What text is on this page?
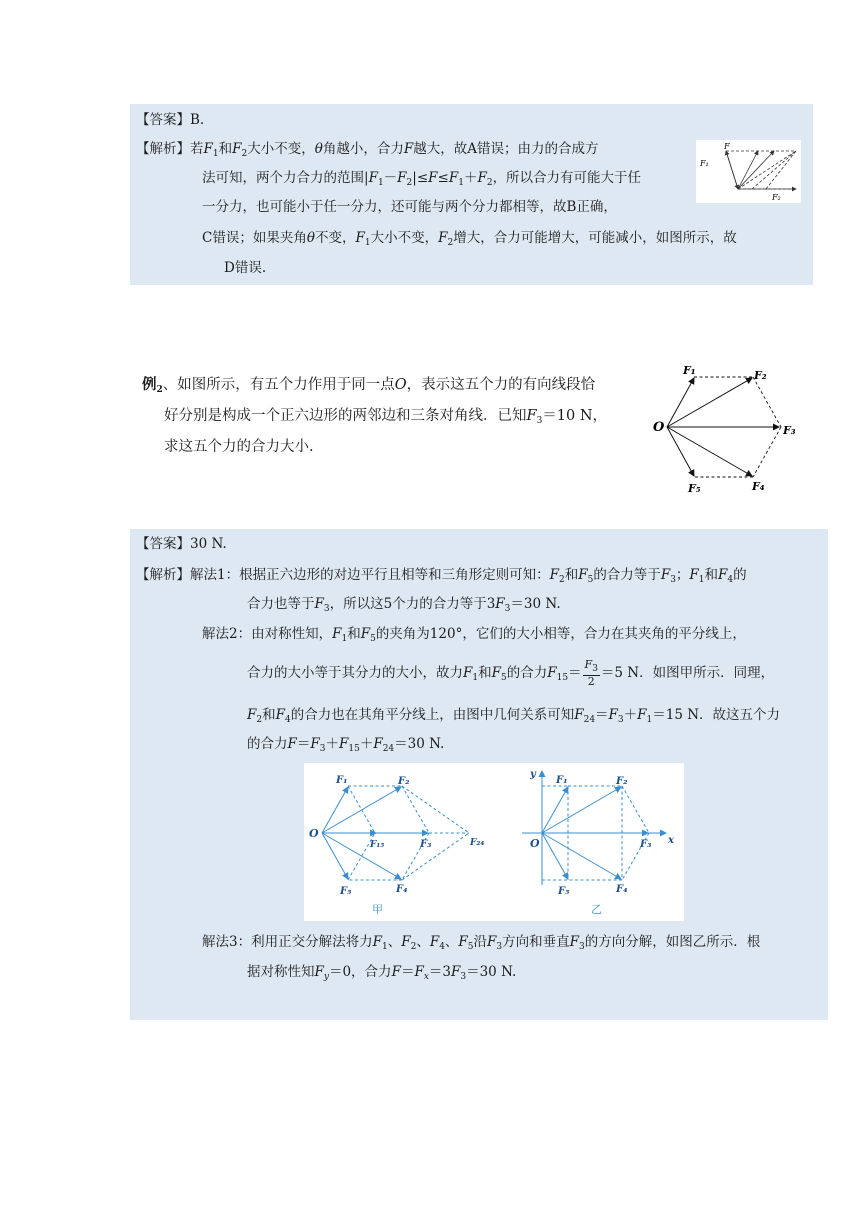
【答案】B.
【解析】若$F_1$和$F_2$大小不变，θ角越小，合力F越大，故A错误；由力的合成方
法可知，两个力合力的范围$|F_1-F_2|\le F\le F_1+F_2$，所以合力有可能大于任
一分力，也可能小于任一分力，还可能与两个分力都相等，故B正确，
C错误；如果夹角θ不变，$F_1$大小不变，$F_2$增大，合力可能增大，可能减小，如图所示，故
D错误.
F
F₁
F₂
例$_2$、如图所示，有五个力作用于同一点O，表示这五个力的有向线段恰
好分别是构成一个正六边形的两邻边和三条对角线．已知$F_3=10$ N，
求这五个力的合力大小.
O
F₁	F₂
F₃
F₄
F₅
【答案】30 N.
【解析】解法1：根据正六边形的对边平行且相等和三角形定则可知：$F_2$和$F_5$的合力等于$F_3$；$F_1$和$F_4$的
合力也等于$F_3$，所以这5个力的合力等于$3F_3=30$ N.
解法2：由对称性知，$F_1$和$F_5$的夹角为120°，它们的大小相等，合力在其夹角的平分线上，
合力的大小等于其分力的大小，故力$F_1$和$F_5$的合力$F_{15}= \frac{F_3}{2} =5$ N．如图甲所示．同理，
$F_2$和$F_4$的合力也在其角平分线上，由图中几何关系可知$F_{24}=F_3+F_1=15$ N．故这五个力
的合力$F=F_3+F_{15}+F_{24}=30$ N.
O
F₁	F₂
F₁₅	F₃	F₂₄
F₄
F₅
甲
y
x
O
F₁	F₂
F₃
F₄
F₅
乙
解法3：利用正交分解法将力$F_1$、$F_2$、$F_4$、$F_5$沿$F_3$方向和垂直$F_3$的方向分解，如图乙所示．根
据对称性知$F_y=0$，合力$F=F_x=3F_3=30$ N.
